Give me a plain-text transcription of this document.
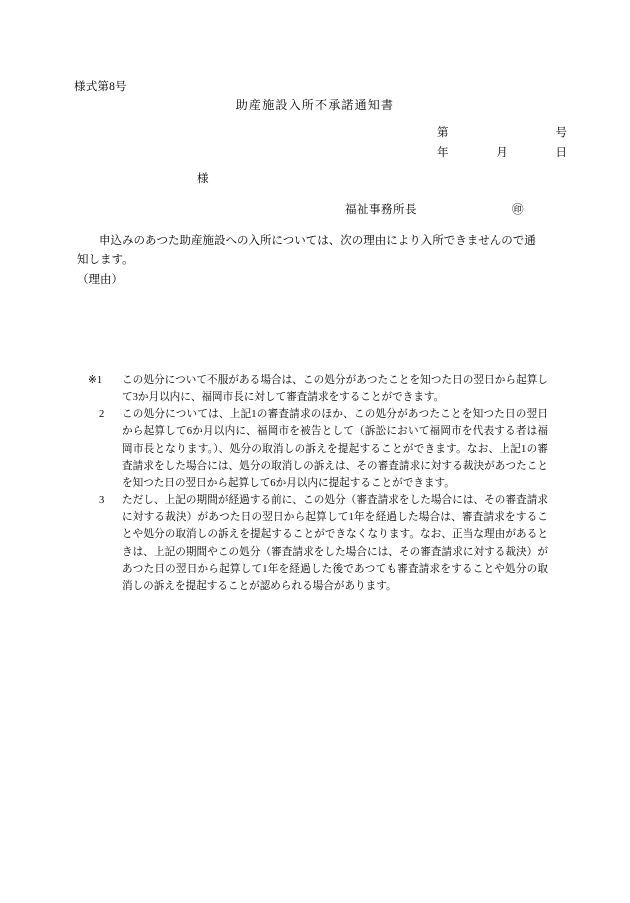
様式第8号
助産施設入所不承諾通知書
第	号
年	月	日
様
福祉事務所長	㊞
申込みのあつた助産施設への入所については、次の理由により入所できませんので通知します。
（理由）
※1	この処分について不服がある場合は、この処分があつたことを知つた日の翌日から起算して3か月以内に、福岡市長に対して審査請求をすることができます。
2	この処分については、上記1の審査請求のほか、この処分があつたことを知つた日の翌日から起算して6か月以内に、福岡市を被告として（訴訟において福岡市を代表する者は福岡市長となります。）、処分の取消しの訴えを提起することができます。なお、上記1の審査請求をした場合には、処分の取消しの訴えは、その審査請求に対する裁決があつたことを知つた日の翌日から起算して6か月以内に提起することができます。
3	ただし、上記の期間が経過する前に、この処分（審査請求をした場合には、その審査請求に対する裁決）があつた日の翌日から起算して1年を経過した場合は、審査請求をすることや処分の取消しの訴えを提起することができなくなります。なお、正当な理由があるときは、上記の期間やこの処分（審査請求をした場合には、その審査請求に対する裁決）があつた日の翌日から起算して1年を経過した後であつても審査請求をすることや処分の取消しの訴えを提起することが認められる場合があります。
